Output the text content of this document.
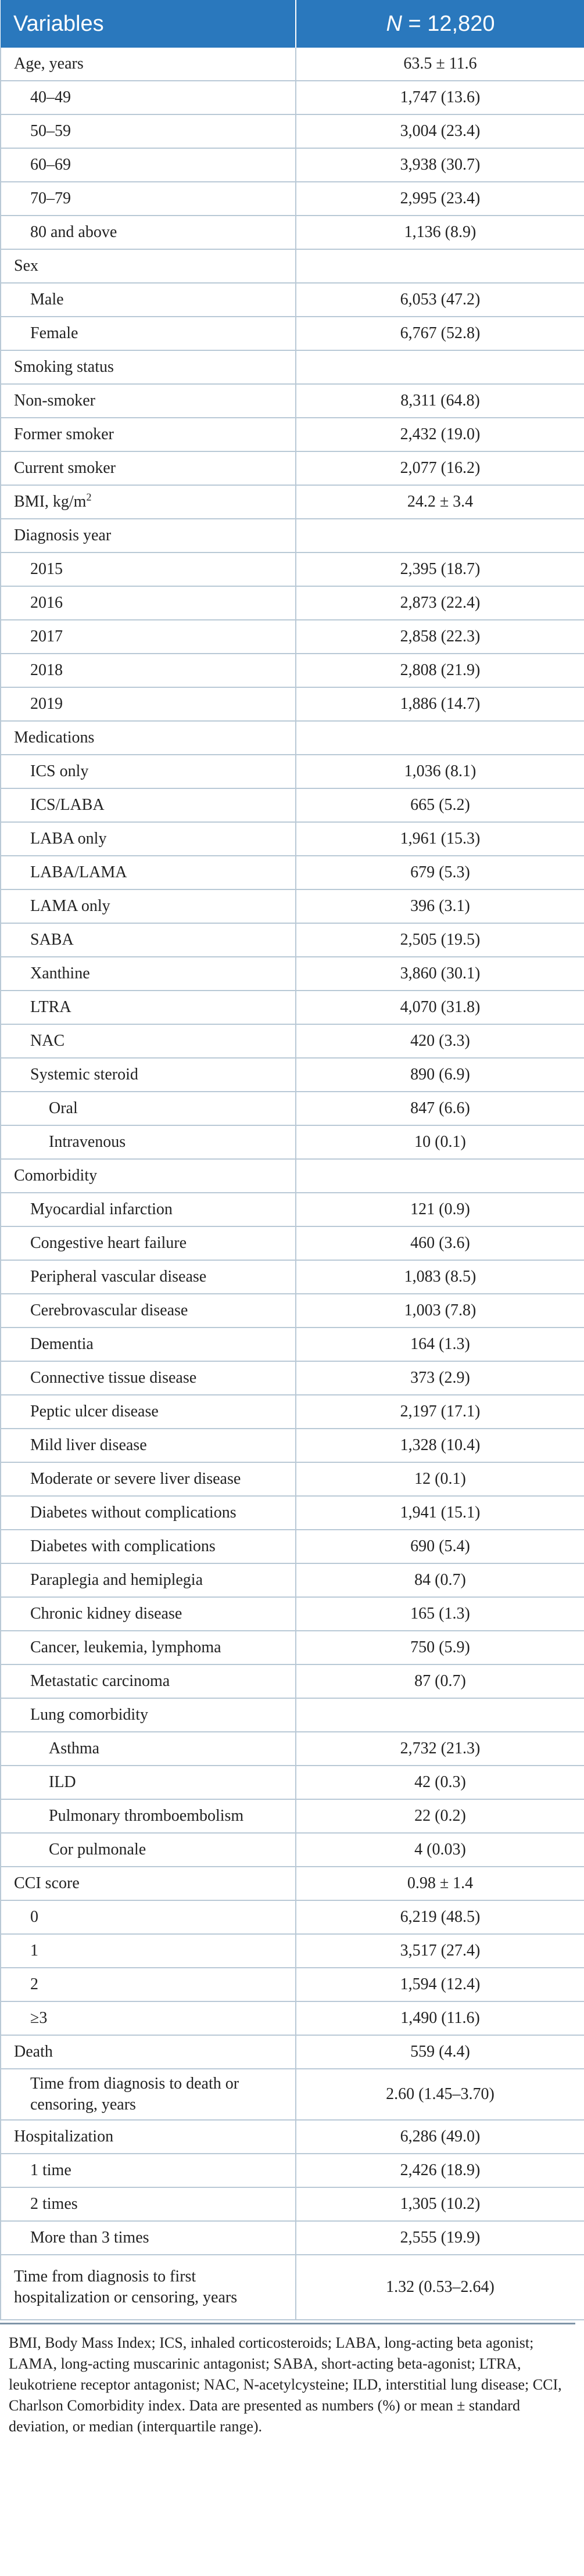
Variables	N = 12,820
Age, years	63.5 ± 11.6
40–49	1,747 (13.6)
50–59	3,004 (23.4)
60–69	3,938 (30.7)
70–79	2,995 (23.4)
80 and above	1,136 (8.9)
Sex	
Male	6,053 (47.2)
Female	6,767 (52.8)
Smoking status	
Non-smoker	8,311 (64.8)
Former smoker	2,432 (19.0)
Current smoker	2,077 (16.2)
BMI, $kg/m^2$	24.2 ± 3.4
Diagnosis year	
2015	2,395 (18.7)
2016	2,873 (22.4)
2017	2,858 (22.3)
2018	2,808 (21.9)
2019	1,886 (14.7)
Medications	
ICS only	1,036 (8.1)
ICS/LABA	665 (5.2)
LABA only	1,961 (15.3)
LABA/LAMA	679 (5.3)
LAMA only	396 (3.1)
SABA	2,505 (19.5)
Xanthine	3,860 (30.1)
LTRA	4,070 (31.8)
NAC	420 (3.3)
Systemic steroid	890 (6.9)
Oral	847 (6.6)
Intravenous	10 (0.1)
Comorbidity	
Myocardial infarction	121 (0.9)
Congestive heart failure	460 (3.6)
Peripheral vascular disease	1,083 (8.5)
Cerebrovascular disease	1,003 (7.8)
Dementia	164 (1.3)
Connective tissue disease	373 (2.9)
Peptic ulcer disease	2,197 (17.1)
Mild liver disease	1,328 (10.4)
Moderate or severe liver disease	12 (0.1)
Diabetes without complications	1,941 (15.1)
Diabetes with complications	690 (5.4)
Paraplegia and hemiplegia	84 (0.7)
Chronic kidney disease	165 (1.3)
Cancer, leukemia, lymphoma	750 (5.9)
Metastatic carcinoma	87 (0.7)
Lung comorbidity	
Asthma	2,732 (21.3)
ILD	42 (0.3)
Pulmonary thromboembolism	22 (0.2)
Cor pulmonale	4 (0.03)
CCI score	0.98 ± 1.4
0	6,219 (48.5)
1	3,517 (27.4)
2	1,594 (12.4)
≥3	1,490 (11.6)
Death	559 (4.4)
Time from diagnosis to death or censoring, years	2.60 (1.45–3.70)
Hospitalization	6,286 (49.0)
1 time	2,426 (18.9)
2 times	1,305 (10.2)
More than 3 times	2,555 (19.9)
Time from diagnosis to first hospitalization or censoring, years	1.32 (0.53–2.64)

BMI, Body Mass Index; ICS, inhaled corticosteroids; LABA, long-acting beta agonist; LAMA, long-acting muscarinic antagonist; SABA, short-acting beta-agonist; LTRA, leukotriene receptor antagonist; NAC, N-acetylcysteine; ILD, interstitial lung disease; CCI, Charlson Comorbidity index. Data are presented as numbers (%) or mean ± standard deviation, or median (interquartile range).
